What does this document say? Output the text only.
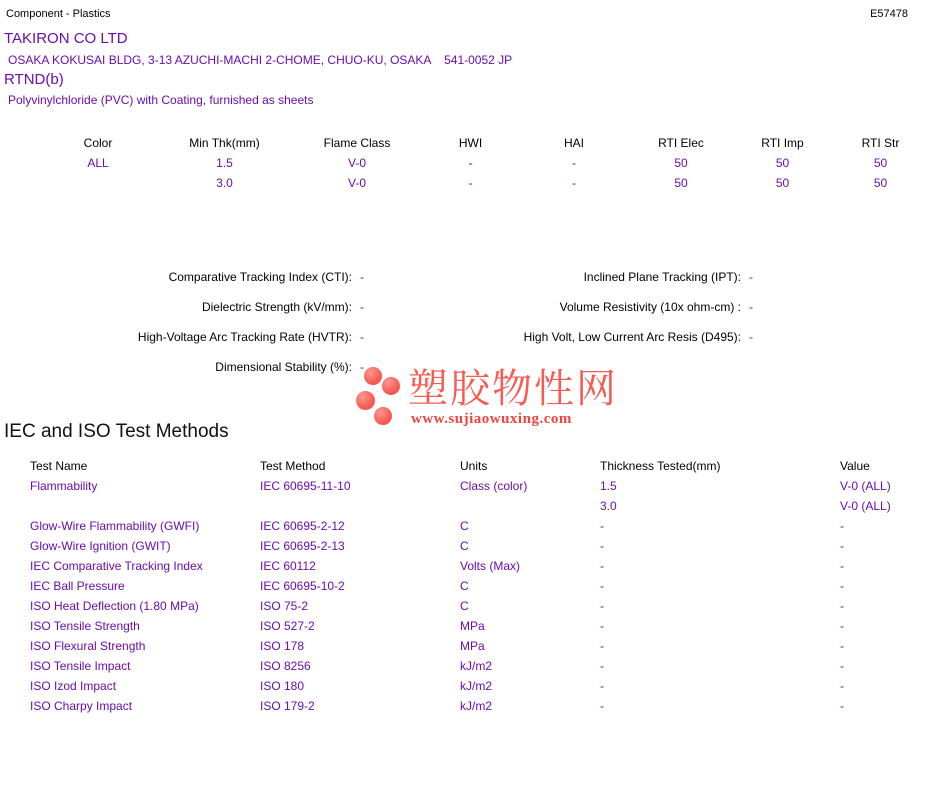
Component - Plastics	E57478
TAKIRON CO LTD
OSAKA KOKUSAI BLDG, 3-13 AZUCHI-MACHI 2-CHOME, CHUO-KU, OSAKA    541-0052 JP
RTND(b)
Polyvinylchloride (PVC) with Coating, furnished as sheets
Color	Min Thk(mm)	Flame Class	HWI	HAI	RTI Elec	RTI Imp	RTI Str
ALL	1.5	V-0	-	-	50	50	50
	3.0	V-0	-	-	50	50	50
Comparative Tracking Index (CTI): -	Inclined Plane Tracking (IPT): -
Dielectric Strength (kV/mm): -	Volume Resistivity (10x ohm-cm) : -
High-Voltage Arc Tracking Rate (HVTR): -	High Volt, Low Current Arc Resis (D495): -
Dimensional Stability (%): -	塑胶物性网
www.sujiaowuxing.com
IEC and ISO Test Methods
Test Name	Test Method	Units	Thickness Tested(mm)	Value
Flammability	IEC 60695-11-10	Class (color)	1.5	V-0 (ALL)
			3.0	V-0 (ALL)
Glow-Wire Flammability (GWFI)	IEC 60695-2-12	C	-	-
Glow-Wire Ignition (GWIT)	IEC 60695-2-13	C	-	-
IEC Comparative Tracking Index	IEC 60112	Volts (Max)	-	-
IEC Ball Pressure	IEC 60695-10-2	C	-	-
ISO Heat Deflection (1.80 MPa)	ISO 75-2	C	-	-
ISO Tensile Strength	ISO 527-2	MPa	-	-
ISO Flexural Strength	ISO 178	MPa	-	-
ISO Tensile Impact	ISO 8256	kJ/m2	-	-
ISO Izod Impact	ISO 180	kJ/m2	-	-
ISO Charpy Impact	ISO 179-2	kJ/m2	-	-
